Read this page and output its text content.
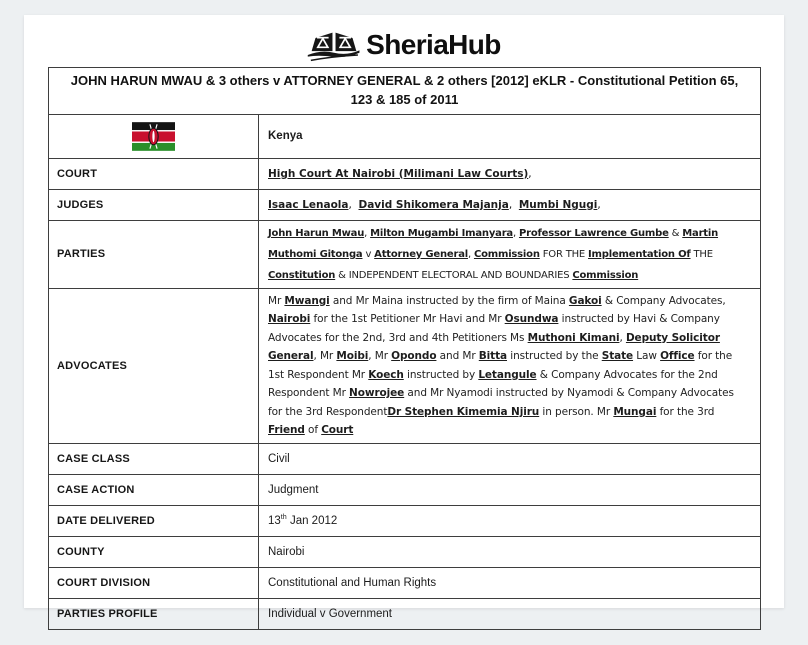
SheriaHub
JOHN HARUN MWAU & 3 others v ATTORNEY GENERAL & 2 others [2012] eKLR - Constitutional Petition 65, 123 & 185 of 2011	
	Kenya
COURT	High Court At Nairobi (Milimani Law Courts),
JUDGES	Isaac Lenaola,  David Shikomera Majanja,  Mumbi Ngugi,
PARTIES	John Harun Mwau, Milton Mugambi Imanyara, Professor Lawrence Gumbe & Martin Muthomi Gitonga v Attorney General, Commission FOR THE Implementation Of THE Constitution & INDEPENDENT ELECTORAL AND BOUNDARIES Commission
ADVOCATES	Mr Mwangi and Mr Maina instructed by the firm of Maina Gakoi & Company Advocates, Nairobi for the 1st Petitioner Mr Havi and Mr Osundwa instructed by Havi & Company Advocates for the 2nd, 3rd and 4th Petitioners Ms Muthoni Kimani, Deputy Solicitor General, Mr Moibi, Mr Opondo and Mr Bitta instructed by the State Law Office for the 1st Respondent Mr Koech instructed by Letangule & Company Advocates for the 2nd Respondent Mr Nowrojee and Mr Nyamodi instructed by Nyamodi & Company Advocates for the 3rd RespondentDr Stephen Kimemia Njiru in person. Mr Mungai for the 3rd Friend of Court
CASE CLASS	Civil
CASE ACTION	Judgment
DATE DELIVERED	13th Jan 2012
COUNTY	Nairobi
COURT DIVISION	Constitutional and Human Rights
PARTIES PROFILE	Individual v Government
